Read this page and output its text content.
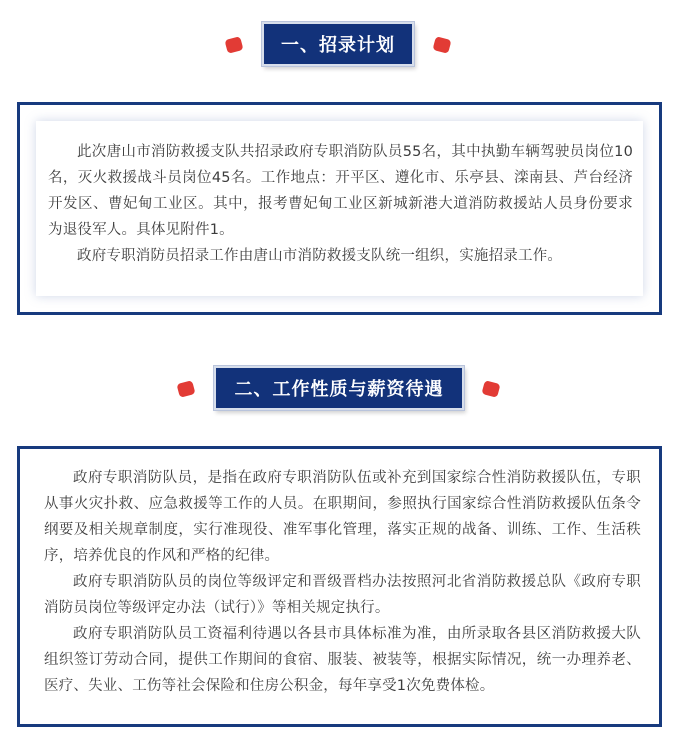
一、招录计划

此次唐山市消防救援支队共招录政府专职消防队员55名，其中执勤车辆驾驶员岗位10名，灭火救援战斗员岗位45名。工作地点：开平区、遵化市、乐亭县、滦南县、芦台经济开发区、曹妃甸工业区。其中，报考曹妃甸工业区新城新港大道消防救援站人员身份要求为退役军人。具体见附件1。

政府专职消防员招录工作由唐山市消防救援支队统一组织，实施招录工作。

二、工作性质与薪资待遇

政府专职消防队员，是指在政府专职消防队伍或补充到国家综合性消防救援队伍，专职从事火灾扑救、应急救援等工作的人员。在职期间，参照执行国家综合性消防救援队伍条令纲要及相关规章制度，实行准现役、准军事化管理，落实正规的战备、训练、工作、生活秩序，培养优良的作风和严格的纪律。

政府专职消防队员的岗位等级评定和晋级晋档办法按照河北省消防救援总队《政府专职消防员岗位等级评定办法（试行）》等相关规定执行。

政府专职消防队员工资福利待遇以各县市具体标准为准，由所录取各县区消防救援大队组织签订劳动合同，提供工作期间的食宿、服装、被装等，根据实际情况，统一办理养老、医疗、失业、工伤等社会保险和住房公积金，每年享受1次免费体检。
